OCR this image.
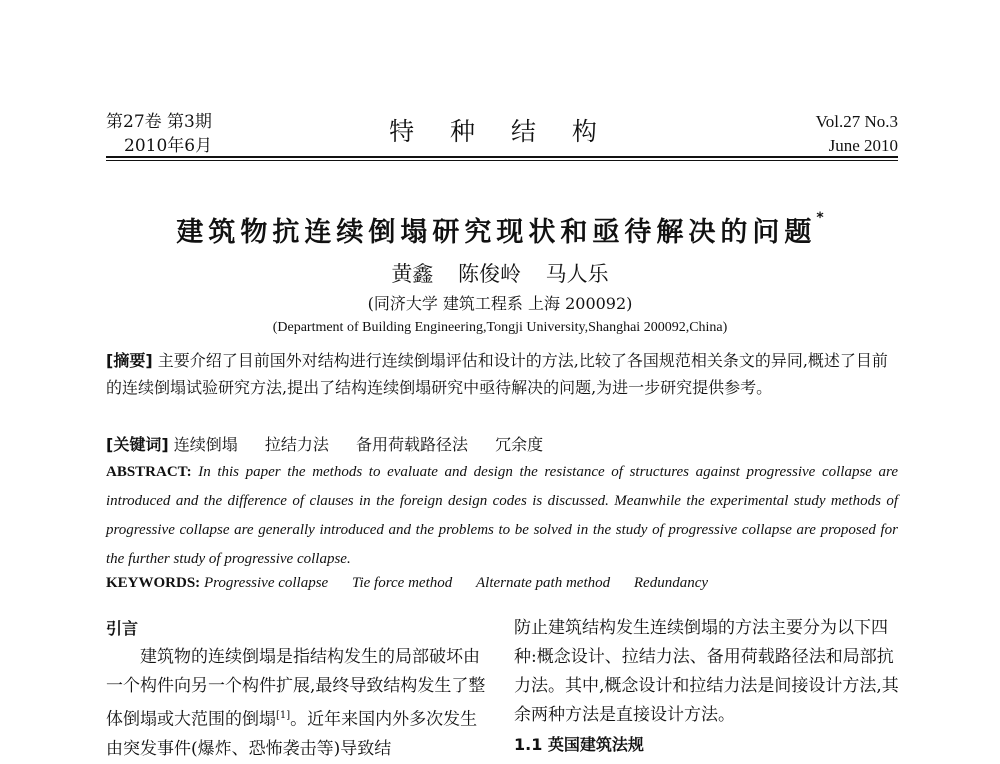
第27卷 第3期
2010年6月	特 种 结 构	Vol.27 No.3
June 2010
建筑物抗连续倒塌研究现状和亟待解决的问题*
黄鑫 陈俊岭 马人乐
(同济大学 建筑工程系 上海 200092)
(Department of Building Engineering,Tongji University,Shanghai 200092,China)
[摘要] 主要介绍了目前国外对结构进行连续倒塌评估和设计的方法,比较了各国规范相关条文的异同,概述了目前的连续倒塌试验研究方法,提出了结构连续倒塌研究中亟待解决的问题,为进一步研究提供参考。
[关键词] 连续倒塌 拉结力法 备用荷载路径法 冗余度
ABSTRACT: In this paper the methods to evaluate and design the resistance of structures against progressive collapse are introduced and the difference of clauses in the foreign design codes is discussed. Meanwhile the experimental study methods of progressive collapse are generally introduced and the problems to be solved in the study of progressive collapse are proposed for the further study of progressive collapse.
KEYWORDS: Progressive collapse Tie force method Alternate path method Redundancy
引言

建筑物的连续倒塌是指结构发生的局部破坏由一个构件向另一个构件扩展,最终导致结构发生了整体倒塌或大范围的倒塌[1]。近年来国内外多次发生由突发事件(爆炸、恐怖袭击等)导致结

防止建筑结构发生连续倒塌的方法主要分为以下四种:概念设计、拉结力法、备用荷载路径法和局部抗力法。其中,概念设计和拉结力法是间接设计方法,其余两种方法是直接设计方法。

1.1 英国建筑法规
